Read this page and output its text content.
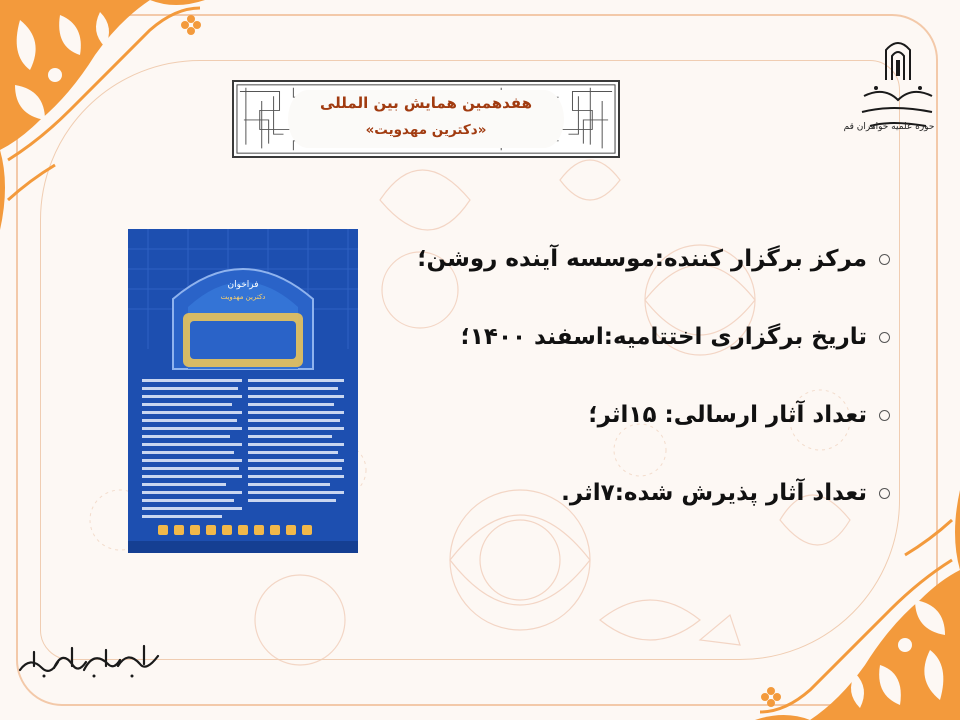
هفدهمین همایش بین المللی
«دکترین مهدویت»	حوزه علمیه خواهران قم
فراخوان
دکترین مهدویت
مرکز برگزار کننده:موسسه آینده روشن؛
تاریخ برگزاری اختتامیه:اسفند ۱۴۰۰؛
تعداد آثار ارسالی: ۱۵اثر؛
تعداد آثار پذیرش شده:۷اثر.
